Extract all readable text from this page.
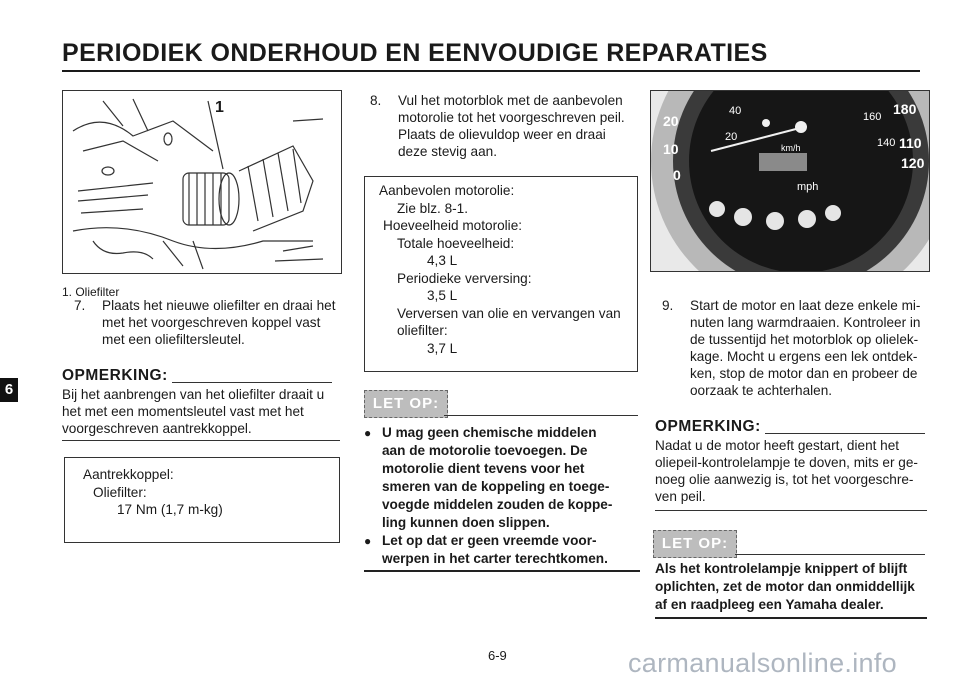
PERIODIEK ONDERHOUD EN EENVOUDIGE REPARATIES
6
1
1. Oliefilter
7. Plaats het nieuwe oliefilter en draai het
met het voorgeschreven koppel vast
met een oliefiltersleutel.
OPMERKING:
Bij het aanbrengen van het oliefilter draait u
het met een momentsleutel vast met het
voorgeschreven aantrekkoppel.
Aantrekkoppel:
Oliefilter:
17 Nm (1,7 m-kg)
8. Vul het motorblok met de aanbevolen
motorolie tot het voorgeschreven peil.
Plaats de olievuldop weer en draai
deze stevig aan.
Aanbevolen motorolie:
Zie blz. 8-1.
Hoeveelheid motorolie:
Totale hoeveelheid:
4,3 L
Periodieke verversing:
3,5 L
Verversen van olie en vervangen van
oliefilter:
3,7 L
LET OP:
● U mag geen chemische middelen
aan de motorolie toevoegen. De
motorolie dient tevens voor het
smeren van de koppeling en toege-
voegde middelen zouden de koppe-
ling kunnen doen slippen.
● Let op dat er geen vreemde voor-
werpen in het carter terechtkomen.
40
20	160 180
20	140
10	110
120
0
mph
km/h
9. Start de motor en laat deze enkele mi-
nuten lang warmdraaien. Kontroleer in
de tussentijd het motorblok op olielek-
kage. Mocht u ergens een lek ontdek-
ken, stop de motor dan en probeer de
oorzaak te achterhalen.
OPMERKING:
Nadat u de motor heeft gestart, dient het
oliepeil-kontrolelampje te doven, mits er ge-
noeg olie aanwezig is, tot het voorgeschre-
ven peil.
LET OP:
Als het kontrolelampje knippert of blijft
oplichten, zet de motor dan onmiddellijk
af en raadpleeg een Yamaha dealer.
6-9	carmanualsonline.info
